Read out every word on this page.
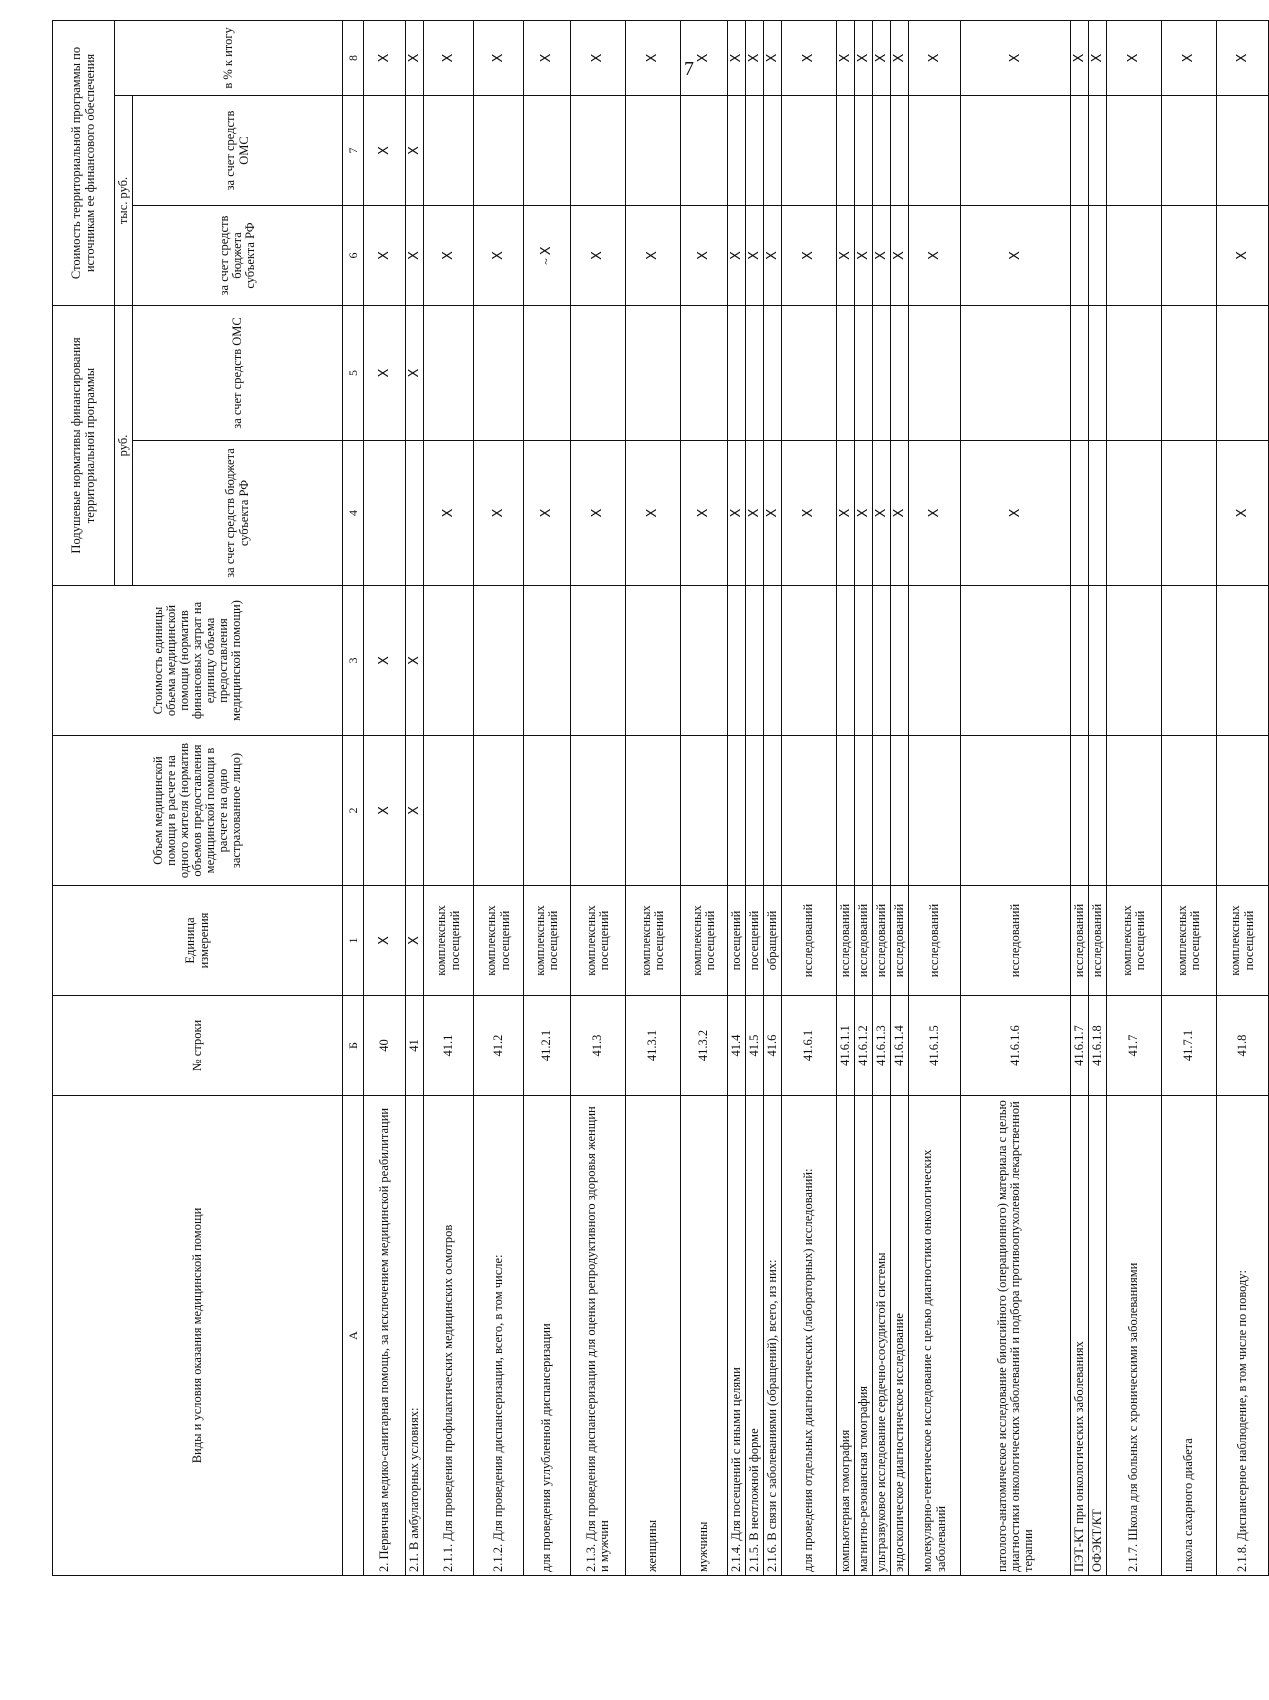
7
Виды и условия оказания медицинской помощи	№ строки	Единица измерения	Объем медицинской помощи в расчете на одного жителя (норматив объемов предоставления медицинской помощи в расчете на одно застрахованное лицо)	Стоимость единицы объема медицинской помощи (норматив финансовых затрат на единицу объема предоставления медицинской помощи)	Подушевые нормативы финансирования территориальной программы		Стоимость территориальной программы по источникам ее финансового обеспечения		
					руб.		тыс. руб.		в % к итогу
					за счет средств бюджета субъекта РФ	за счет средств ОМС	за счет средств бюджета субъекта РФ	за счет средств ОМС	
А	Б	1	2	3	4	5	6	7	8
2. Первичная медико-санитарная помощь, за исключением медицинской реабилитации	40	X	X	X		X	X	X	X
2.1. В амбулаторных условиях:	41	X	X	X		X	X	X	X
2.1.1. Для проведения профилактических медицинских осмотров	41.1	комплексных посещений			X		X		X
2.1.2. Для проведения диспансеризации, всего, в том числе:	41.2	комплексных посещений			X		X		X
для проведения углубленной диспансеризации	41.2.1	комплексных посещений			X		~X		X
2.1.3. Для проведения диспансеризации для оценки репродуктивного здоровья женщин и мужчин	41.3	комплексных посещений			X		X		X
женщины	41.3.1	комплексных посещений			X		X		X
мужчины	41.3.2	комплексных посещений			X		X		X
2.1.4. Для посещений с иными целями	41.4	посещений			X		X		X
2.1.5. В неотложной форме	41.5	посещений			X		X		X
2.1.6. В связи с заболеваниями (обращений), всего, из них:	41.6	обращений			X		X		X
для проведения отдельных диагностических (лабораторных) исследований:	41.6.1	исследований			X		X		X
компьютерная томография	41.6.1.1	исследований			X		X		X
магнитно-резонансная томография	41.6.1.2	исследований			X		X		X
ультразвуковое исследование сердечно-сосудистой системы	41.6.1.3	исследований			X		X		X
эндоскопическое диагностическое исследование	41.6.1.4	исследований			X		X		X
молекулярно-генетическое исследование с целью диагностики онкологических заболеваний	41.6.1.5	исследований			X		X		X
патолого-анатомическое исследование биопсийного (операционного) материала с целью диагностики онкологических заболеваний и подбора противоопухолевой лекарственной терапии	41.6.1.6	исследований			X		X		X
ПЭТ-КТ при онкологических заболеваниях	41.6.1.7	исследований							X
ОФЭКТ/КТ	41.6.1.8	исследований							X
2.1.7. Школа для больных с хроническими заболеваниями	41.7	комплексных посещений							X
школа сахарного диабета	41.7.1	комплексных посещений							X
2.1.8. Диспансерное наблюдение, в том числе по поводу:	41.8	комплексных посещений			X		X		X
